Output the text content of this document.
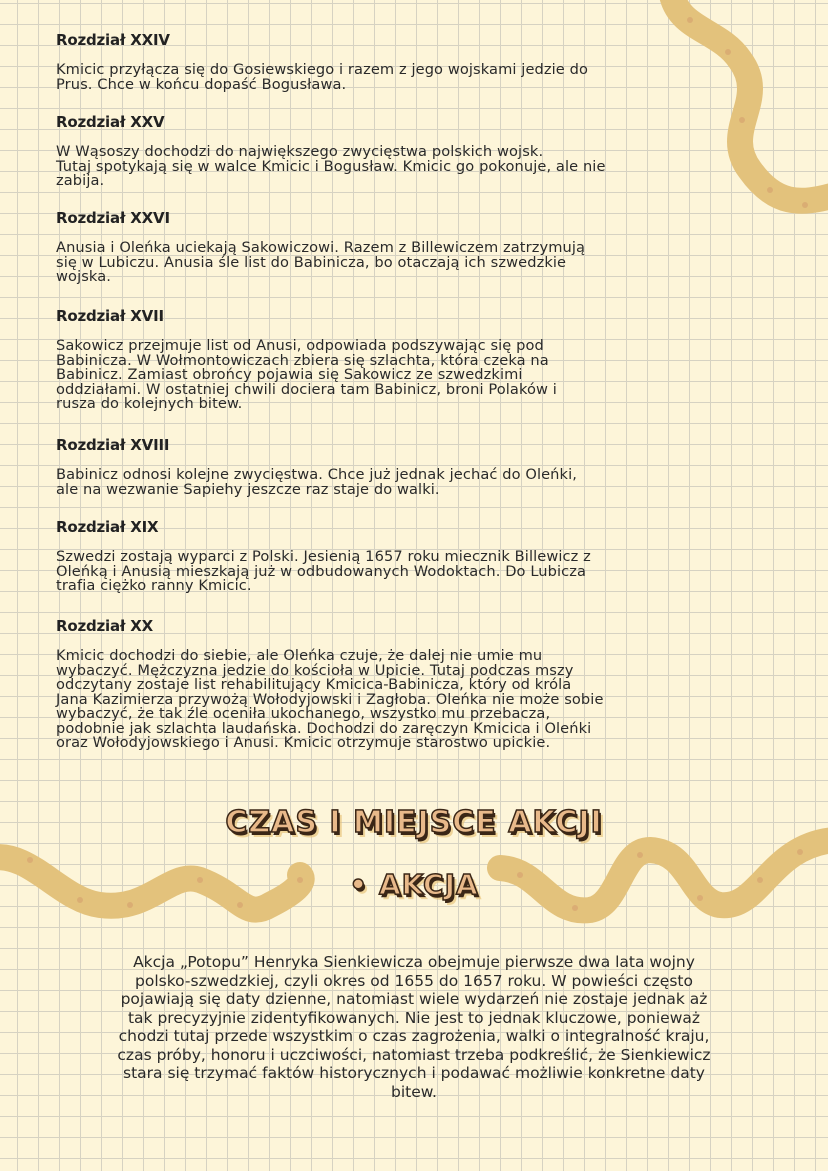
Rozdział XXIV

Kmicic przyłącza się do Gosiewskiego i razem z jego wojskami jedzie do
Prus. Chce w końcu dopaść Bogusława.

Rozdział XXV

W Wąsoszy dochodzi do największego zwycięstwa polskich wojsk.
Tutaj spotykają się w walce Kmicic i Bogusław. Kmicic go pokonuje, ale nie
zabija.

Rozdział XXVI

Anusia i Oleńka uciekają Sakowiczowi. Razem z Billewiczem zatrzymują
się w Lubiczu. Anusia śle list do Babinicza, bo otaczają ich szwedzkie
wojska.

Rozdział XVII

Sakowicz przejmuje list od Anusi, odpowiada podszywając się pod
Babinicza. W Wołmontowiczach zbiera się szlachta, która czeka na
Babinicz. Zamiast obrońcy pojawia się Sakowicz ze szwedzkimi
oddziałami. W ostatniej chwili dociera tam Babinicz, broni Polaków i
rusza do kolejnych bitew.

Rozdział XVIII

Babinicz odnosi kolejne zwycięstwa. Chce już jednak jechać do Oleńki,
ale na wezwanie Sapiehy jeszcze raz staje do walki.

Rozdział XIX

Szwedzi zostają wyparci z Polski. Jesienią 1657 roku miecznik Billewicz z
Oleńką i Anusią mieszkają już w odbudowanych Wodoktach. Do Lubicza
trafia ciężko ranny Kmicic.

Rozdział XX

Kmicic dochodzi do siebie, ale Oleńka czuje, że dalej nie umie mu
wybaczyć. Mężczyzna jedzie do kościoła w Upicie. Tutaj podczas mszy
odczytany zostaje list rehabilitujący Kmicica-Babinicza, który od króla
Jana Kazimierza przywożą Wołodyjowski i Zagłoba. Oleńka nie może sobie
wybaczyć, że tak źle oceniła ukochanego, wszystko mu przebacza,
podobnie jak szlachta laudańska. Dochodzi do zaręczyn Kmicica i Oleńki
oraz Wołodyjowskiego i Anusi. Kmicic otrzymuje starostwo upickie.

CZAS I MIEJSCE AKCJI
• AKCJA
Akcja „Potopu” Henryka Sienkiewicza obejmuje pierwsze dwa lata wojny
polsko-szwedzkiej, czyli okres od 1655 do 1657 roku. W powieści często
pojawiają się daty dzienne, natomiast wiele wydarzeń nie zostaje jednak aż
tak precyzyjnie zidentyfikowanych. Nie jest to jednak kluczowe, ponieważ
chodzi tutaj przede wszystkim o czas zagrożenia, walki o integralność kraju,
czas próby, honoru i uczciwości, natomiast trzeba podkreślić, że Sienkiewicz
stara się trzymać faktów historycznych i podawać możliwie konkretne daty
bitew.
